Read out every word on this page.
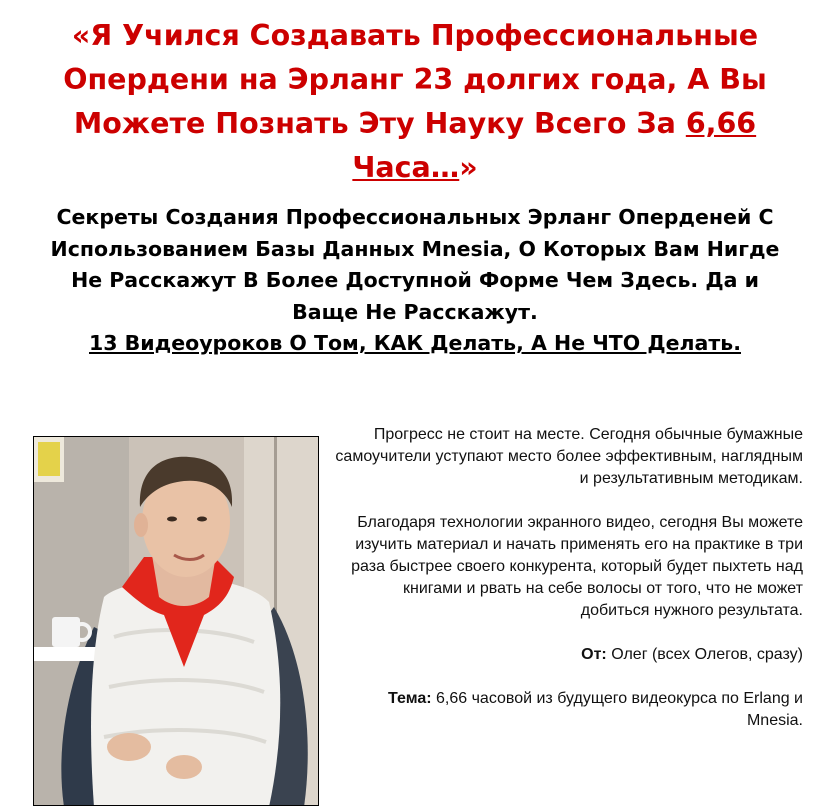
«Я Учился Создавать Профессиональные Оперден​и на Эрланг 23 долгих года, А Вы Можете Познать Эту Науку Всего За 6,66 Часа…»
Секреты Создания Профессиональных Эрланг Оперденей С Использованием Базы Данных Mnesia, О Которых Вам Нигде Не Расскажут В Более Доступной Форме Чем Здесь. Да и Ваще Не Расскажут.
13 Видеоуроков О Том, КАК Делать, А Не ЧТО Делать.

Прогресс не стоит на месте. Сегодня обычные бумажные самоучители уступают место более эффективным, наглядным и результативным методикам.

Благодаря технологии экранного видео, сегодня Вы можете изучить материал и начать применять его на практике в три раза быстрее своего конкурента, который будет пыхтеть над книгами и рвать на себе волосы от того, что не может добиться нужного результата.

От: Олег (всех Олегов, сразу)

Тема: 6,66 часовой из будущего видеокурса по Erlang и Mnesia.
